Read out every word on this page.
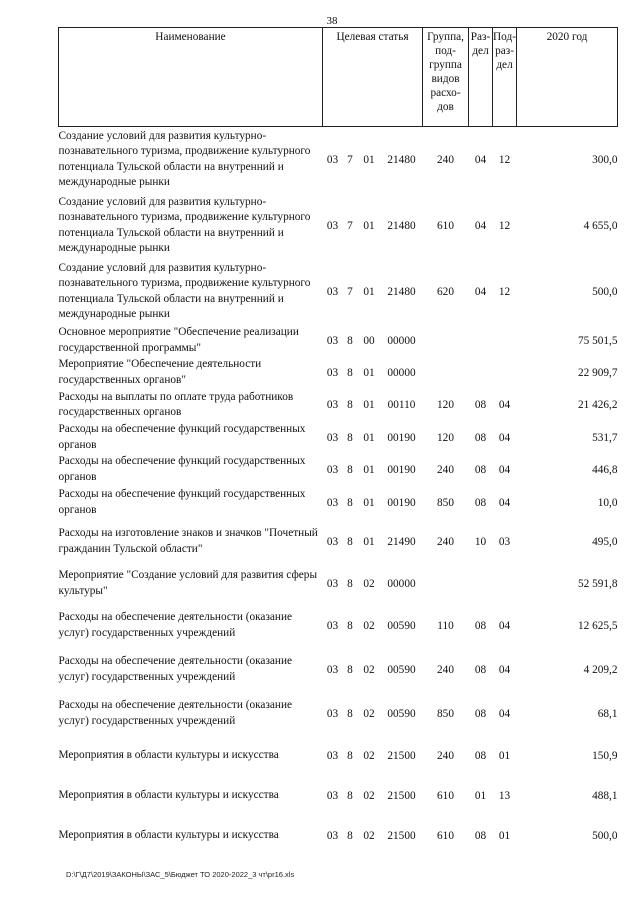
38
Наименование	Целевая статья				Группа, под-группа видов расхо-дов	Раз-дел	Под-раз-дел	2020 год
Создание условий для развития культурно-познавательного туризма, продвижение культурного потенциала Тульской области на внутренний и международные рынки	03	7	01	21480	240	04	12	300,0
Создание условий для развития культурно-познавательного туризма, продвижение культурного потенциала Тульской области на внутренний и международные рынки	03	7	01	21480	610	04	12	4 655,0
Создание условий для развития культурно-познавательного туризма, продвижение культурного потенциала Тульской области на внутренний и международные рынки	03	7	01	21480	620	04	12	500,0
Основное мероприятие "Обеспечение реализации государственной программы"	03	8	00	00000				75 501,5
Мероприятие "Обеспечение деятельности государственных органов"	03	8	01	00000				22 909,7
Расходы на выплаты по оплате труда работников государственных органов	03	8	01	00110	120	08	04	21 426,2
Расходы на обеспечение функций государственных органов	03	8	01	00190	120	08	04	531,7
Расходы на обеспечение функций государственных органов	03	8	01	00190	240	08	04	446,8
Расходы на обеспечение функций государственных органов	03	8	01	00190	850	08	04	10,0
Расходы на изготовление знаков и значков "Почетный гражданин Тульской области"	03	8	01	21490	240	10	03	495,0
Мероприятие "Создание условий для развития сферы культуры"	03	8	02	00000				52 591,8
Расходы на обеспечение деятельности (оказание услуг) государственных учреждений	03	8	02	00590	110	08	04	12 625,5
Расходы на обеспечение деятельности (оказание услуг) государственных учреждений	03	8	02	00590	240	08	04	4 209,2
Расходы на обеспечение деятельности (оказание услуг) государственных учреждений	03	8	02	00590	850	08	04	68,1
Мероприятия в области культуры и искусства	03	8	02	21500	240	08	01	150,9
Мероприятия в области культуры и искусства	03	8	02	21500	610	01	13	488,1
Мероприятия в области культуры и искусства	03	8	02	21500	610	08	01	500,0
D:\Г\Д7\2019\ЗАКОНЫ\ЗАС_5\Бюджет ТО 2020-2022_3 чт\pr16.xls
